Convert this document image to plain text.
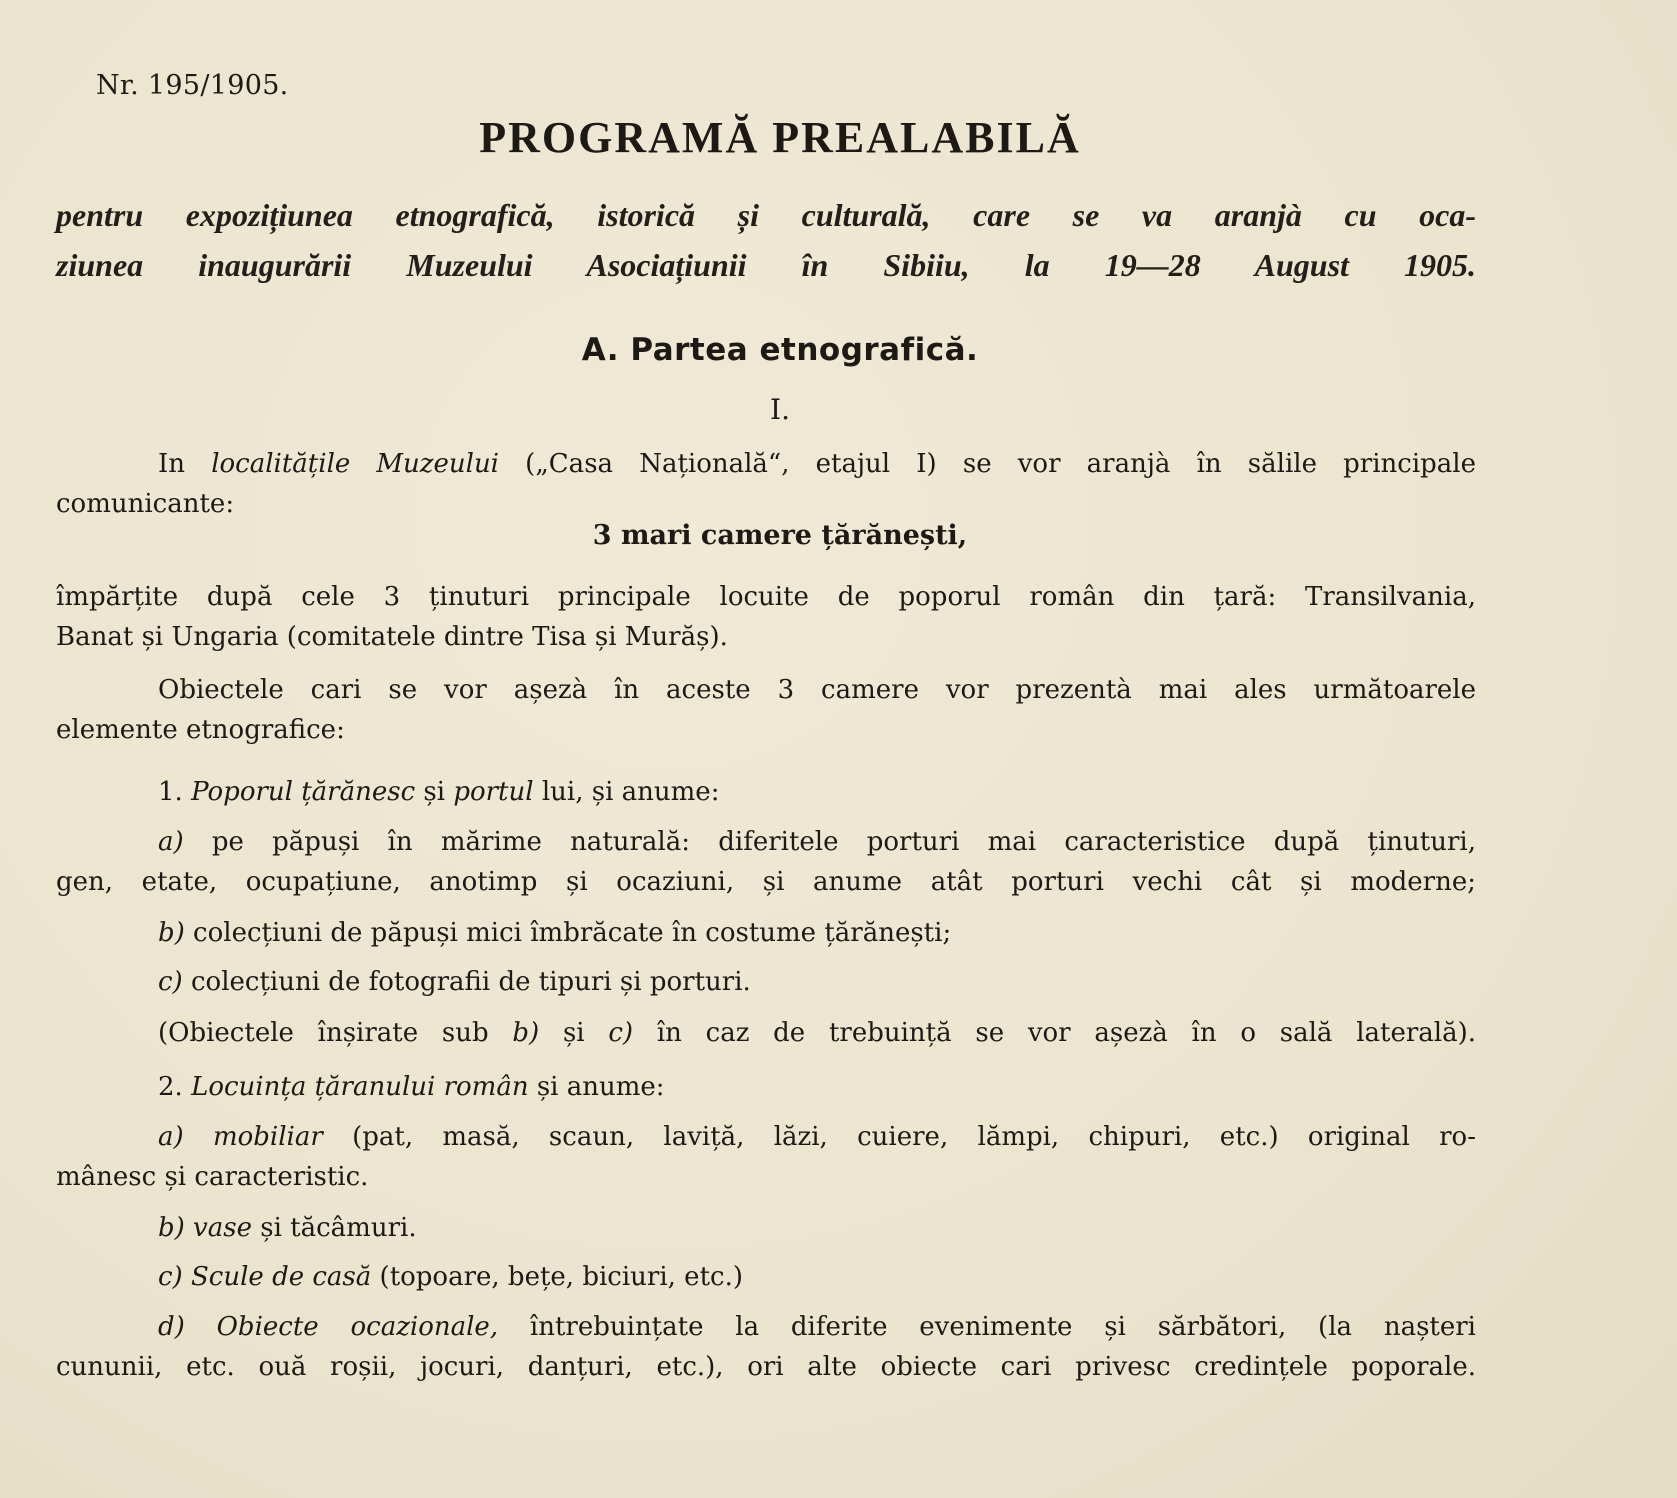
Nr. 195/1905.
PROGRAMĂ PREALABILĂ
pentru expozițiunea etnografică, istorică și culturală, care se va aranjà cu oca-
ziunea inaugurării Muzeului Asociațiunii în Sibiiu, la 19—28 August 1905.
A. Partea etnografică.
I.
In localitățile Muzeului („Casa Națională“, etajul I) se vor aranjà în sălile principale
comunicante:
3 mari camere țărănești,
împărțite după cele 3 ținuturi principale locuite de poporul român din țară: Transilvania,
Banat și Ungaria (comitatele dintre Tisa și Murăș).
Obiectele cari se vor așezà în aceste 3 camere vor prezentà mai ales următoarele
elemente etnografice:
1. Poporul țărănesc și portul lui, și anume:
a) pe păpuși în mărime naturală: diferitele porturi mai caracteristice după ținuturi,
gen, etate, ocupațiune, anotimp și ocaziuni, și anume atât porturi vechi cât și moderne;
b) colecțiuni de păpuși mici îmbrăcate în costume țărănești;
c) colecțiuni de fotografii de tipuri și porturi.
(Obiectele înșirate sub b) și c) în caz de trebuință se vor așezà în o sală laterală).
2. Locuința țăranului român și anume:
a) mobiliar (pat, masă, scaun, laviță, lăzi, cuiere, lămpi, chipuri, etc.) original ro-
mânesc și caracteristic.
b) vase și tăcâmuri.
c) Scule de casă (topoare, bețe, biciuri, etc.)
d) Obiecte ocazionale, întrebuințate la diferite evenimente și sărbători, (la nașteri
cununii, etc. ouă roșii, jocuri, danțuri, etc.), ori alte obiecte cari privesc credințele poporale.
